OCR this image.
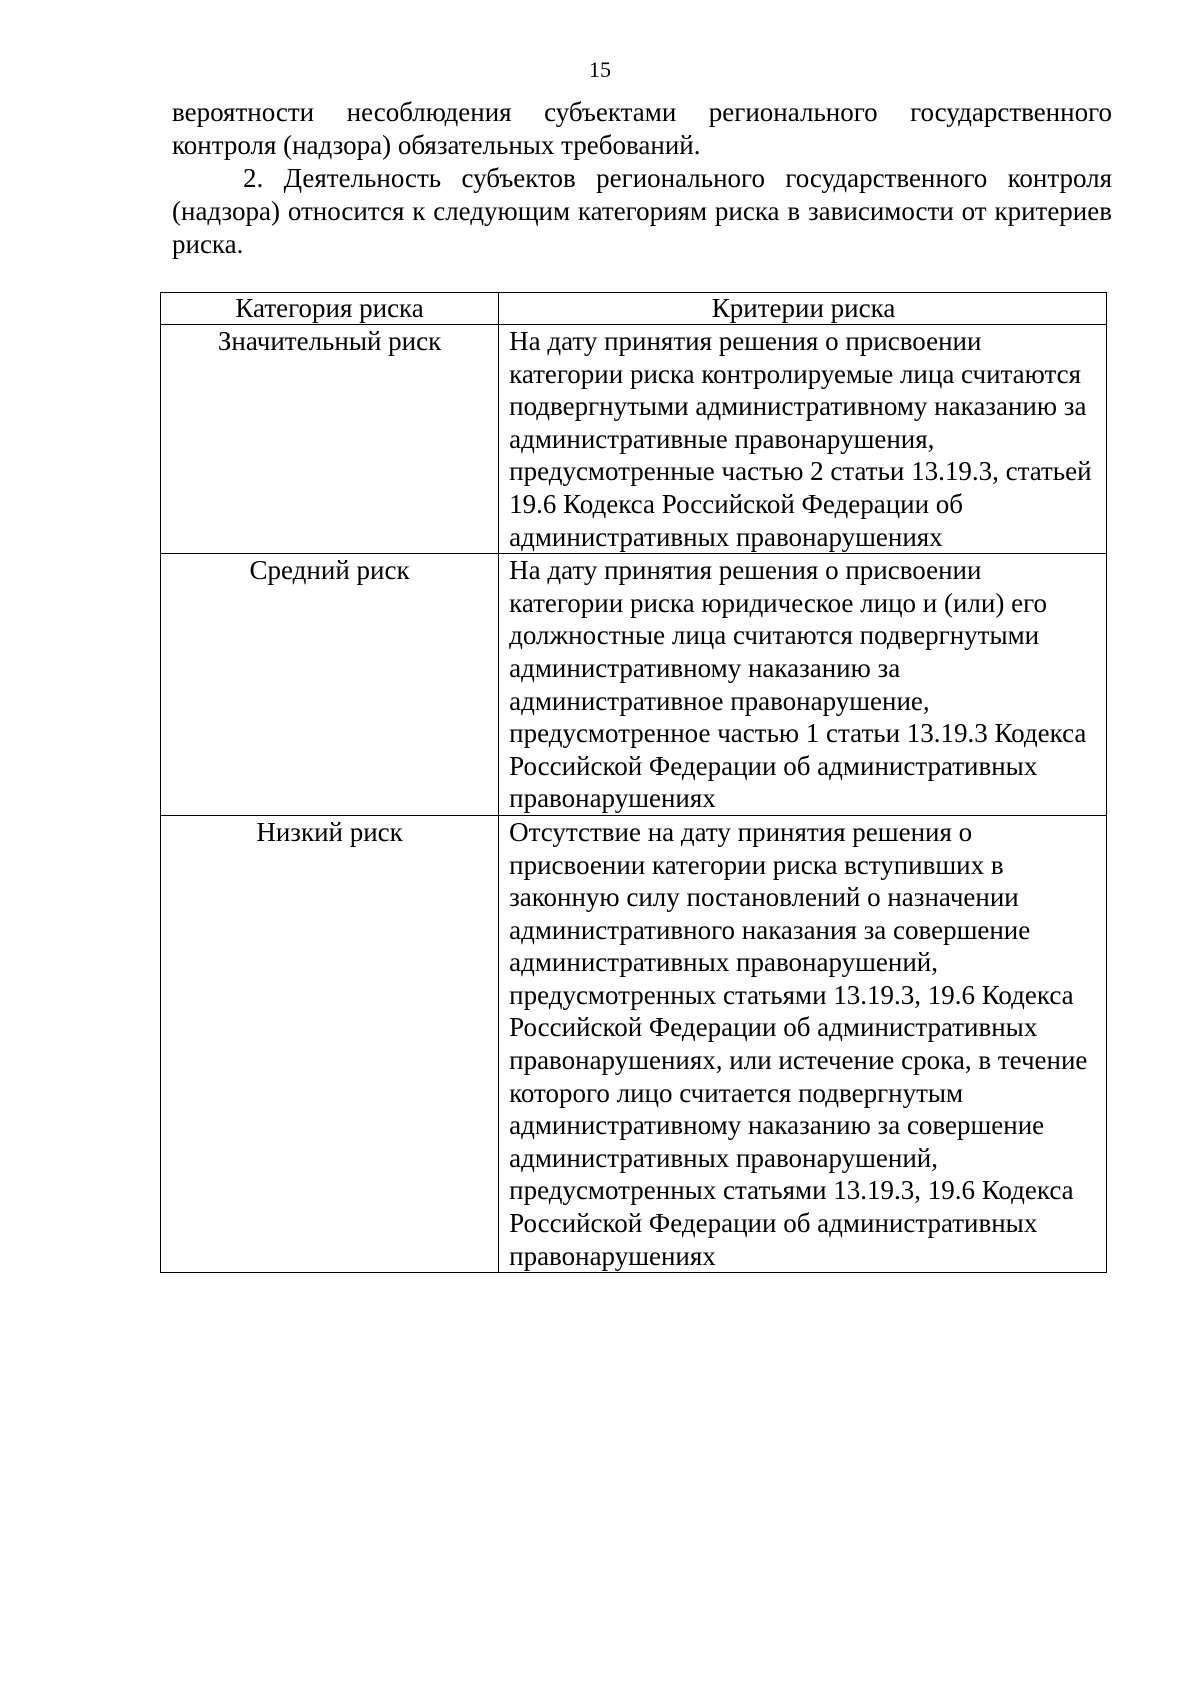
15

вероятности несоблюдения субъектами регионального государственного контроля (надзора) обязательных требований.

2. Деятельность субъектов регионального государственного контроля (надзора) относится к следующим категориям риска в зависимости от критериев риска.

Категория риска	Критерии риска
Значительный риск	На дату принятия решения о присвоении категории риска контролируемые лица считаются подвергнутыми административному наказанию за административные правонарушения, предусмотренные частью 2 статьи 13.19.3, статьей 19.6 Кодекса Российской Федерации об административных правонарушениях
Средний риск	На дату принятия решения о присвоении категории риска юридическое лицо и (или) его должностные лица считаются подвергнутыми административному наказанию за административное правонарушение, предусмотренное частью 1 статьи 13.19.3 Кодекса Российской Федерации об административных правонарушениях
Низкий риск	Отсутствие на дату принятия решения о присвоении категории риска вступивших в законную силу постановлений о назначении административного наказания за совершение административных правонарушений, предусмотренных статьями 13.19.3, 19.6 Кодекса Российской Федерации об административных правонарушениях, или истечение срока, в течение которого лицо считается подвергнутым административному наказанию за совершение административных правонарушений, предусмотренных статьями 13.19.3, 19.6 Кодекса Российской Федерации об административных правонарушениях
